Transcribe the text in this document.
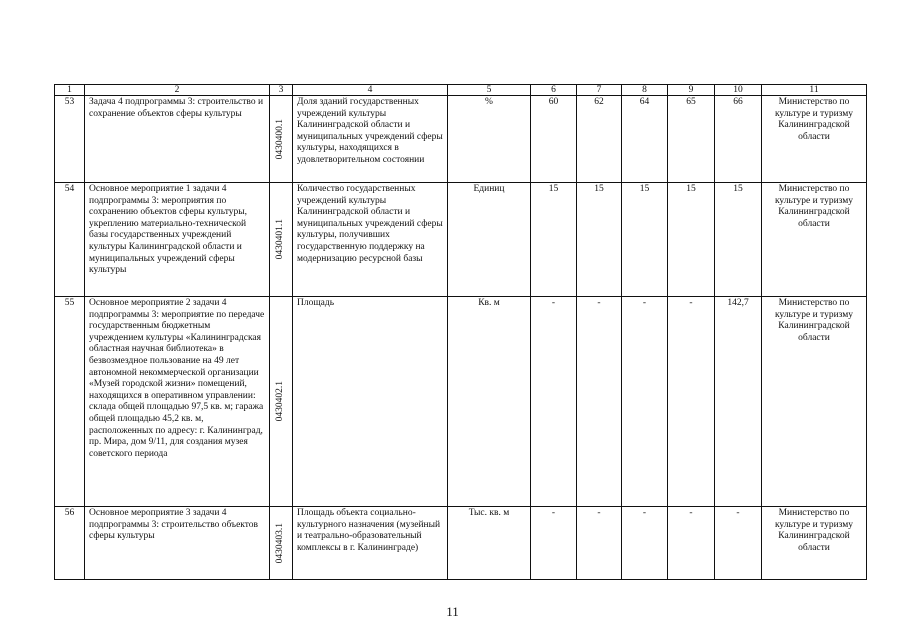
1	2	3	4	5	6	7	8	9	10	11
53	Задача 4 подпрограммы 3: строительство и сохранение объектов сферы культуры	0430400.1	Доля зданий государственных учреждений культуры Калининградской области и муниципальных учреждений сферы культуры, находящихся в удовлетворительном состоянии	%	60	62	64	65	66	Министерство по культуре и туризму Калининградской области
54	Основное мероприятие 1 задачи 4 подпрограммы 3: мероприятия по сохранению объектов сферы культуры, укреплению материально-технической базы государственных учреждений культуры Калининградской области и муниципальных учреждений сферы культуры	0430401.1	Количество государственных учреждений культуры Калининградской области и муниципальных учреждений сферы культуры, получивших государственную поддержку на модернизацию ресурсной базы	Единиц	15	15	15	15	15	Министерство по культуре и туризму Калининградской области
55	Основное мероприятие 2 задачи 4 подпрограммы 3: мероприятие по передаче государственным бюджетным учреждением культуры «Калининградская областная научная библиотека» в безвозмездное пользование на 49 лет автономной некоммерческой организации «Музей городской жизни» помещений, находящихся в оперативном управлении: склада общей площадью 97,5 кв. м; гаража общей площадью 45,2 кв. м, расположенных по адресу: г. Калининград, пр. Мира, дом 9/11, для создания музея советского периода	0430402.1	Площадь	Кв. м	-	-	-	-	142,7	Министерство по культуре и туризму Калининградской области
56	Основное мероприятие 3 задачи 4 подпрограммы 3: строительство объектов сферы культуры	0430403.1	Площадь объекта социально-культурного назначения (музейный и театрально-образовательный комплексы в г. Калининграде)	Тыс. кв. м	-	-	-	-	-	Министерство по культуре и туризму Калининградской области
11
